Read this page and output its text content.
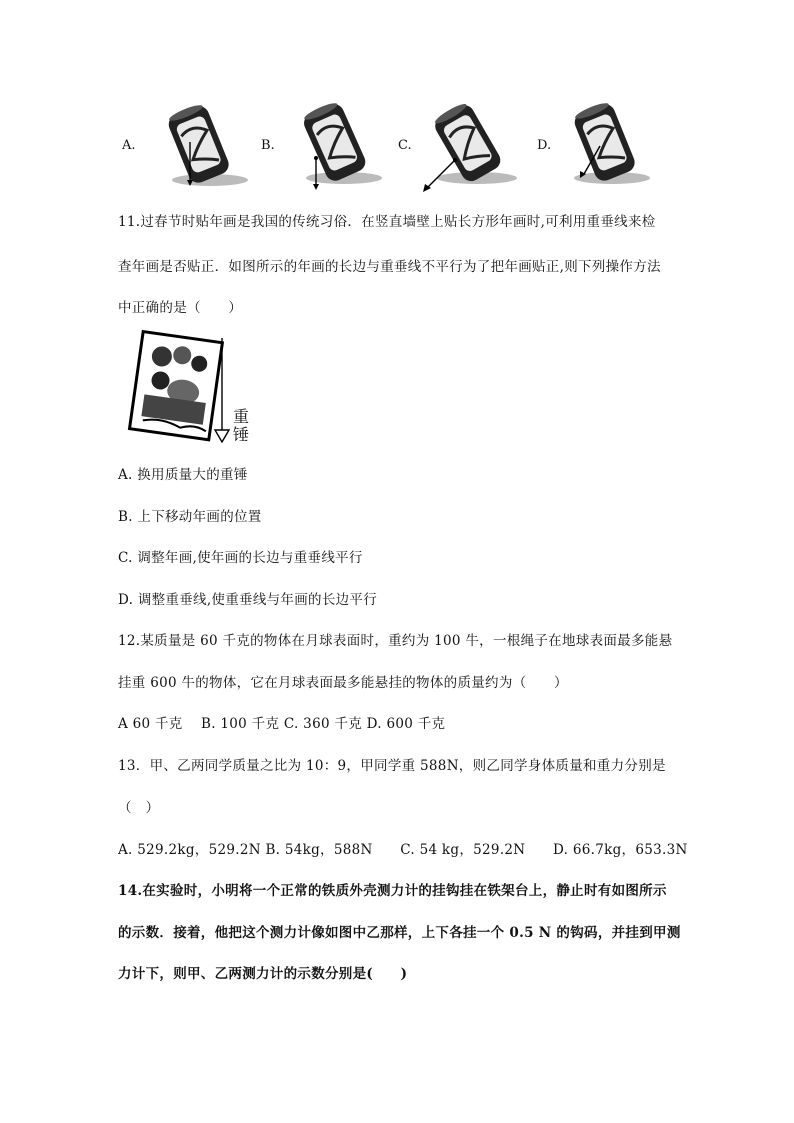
A.	B.	C.	D.
11.过春节时贴年画是我国的传统习俗．在竖直墙壁上贴长方形年画时,可利用重垂线来检
查年画是否贴正．如图所示的年画的长边与重垂线不平行为了把年画贴正,则下列操作方法
中正确的是（　　）
重锤
A. 换用质量大的重锤
B. 上下移动年画的位置
C. 调整年画,使年画的长边与重垂线平行
D. 调整重垂线,使重垂线与年画的长边平行
12.某质量是 60 千克的物体在月球表面时，重约为 100 牛，一根绳子在地球表面最多能悬
挂重 600 牛的物体，它在月球表面最多能悬挂的物体的质量约为（　　）
A 60 千克　 B. 100 千克 C. 360 千克 D. 600 千克
13．甲、乙两同学质量之比为 10：9，甲同学重 588N，则乙同学身体质量和重力分别是
（　）
A. 529.2kg，529.2N B. 54kg，588N　　C. 54 kg，529.2N　　D. 66.7kg，653.3N
14.在实验时，小明将一个正常的铁质外壳测力计的挂钩挂在铁架台上，静止时有如图所示
的示数．接着，他把这个测力计像如图中乙那样，上下各挂一个 0.5 N 的钩码，并挂到甲测
力计下，则甲、乙两测力计的示数分别是(　　)
